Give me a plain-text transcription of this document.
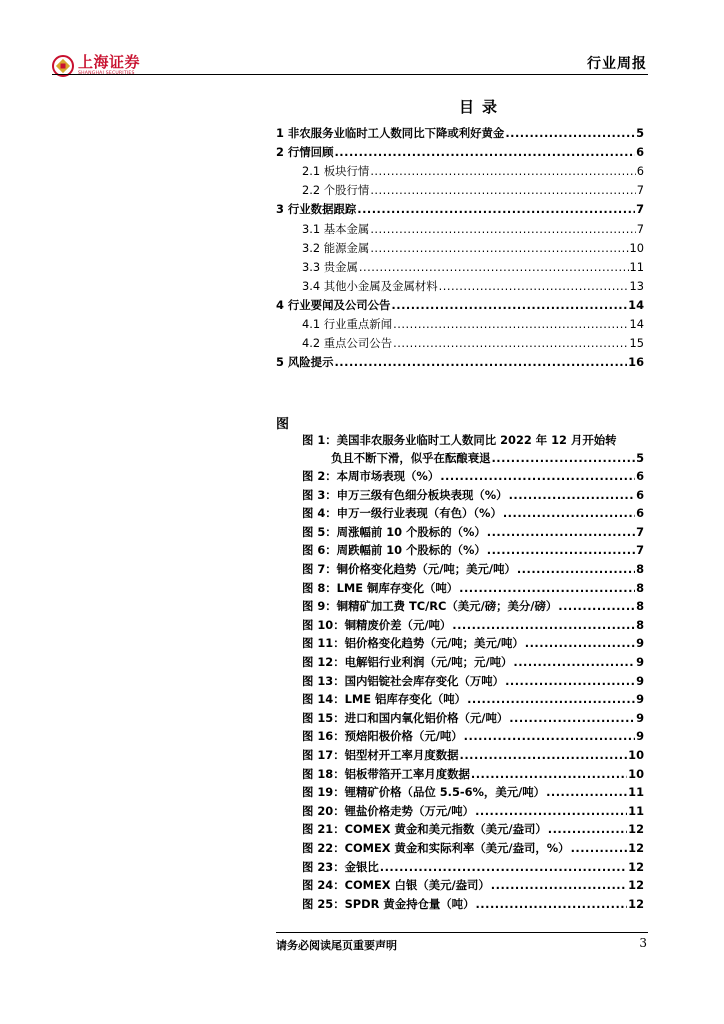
上海证券	行业周报
目录
1 非农服务业临时工人数同比下降或利好黄金 .....	5
2 行情回顾 .....	6
2.1 板块行情 .....	6
2.2 个股行情 .....	7
3 行业数据跟踪 .....	7
3.1 基本金属 .....	7
3.2 能源金属 .....	10
3.3 贵金属 .....	11
3.4 其他小金属及金属材料 .....	13
4 行业要闻及公司公告 .....	14
4.1 行业重点新闻 .....	14
4.2 重点公司公告 .....	15
5 风险提示 .....	16
图
图 1：美国非农服务业临时工人数同比 2022 年 12 月开始转
负且不断下滑，似乎在酝酿衰退 .....	5
图 2：本周市场表现（%） .....	6
图 3：申万三级有色细分板块表现（%） .....	6
图 4：申万一级行业表现（有色）（%） .....	6
图 5：周涨幅前 10 个股标的（%） .....	7
图 6：周跌幅前 10 个股标的（%） .....	7
图 7：铜价格变化趋势（元/吨；美元/吨） .....	8
图 8：LME 铜库存变化（吨） .....	8
图 9：铜精矿加工费 TC/RC（美元/磅；美分/磅） .....	8
图 10：铜精废价差（元/吨） .....	8
图 11：铝价格变化趋势（元/吨；美元/吨） .....	9
图 12：电解铝行业利润（元/吨；元/吨） .....	9
图 13：国内铝锭社会库存变化（万吨） .....	9
图 14：LME 铝库存变化（吨） .....	9
图 15：进口和国内氧化铝价格（元/吨） .....	9
图 16：预焙阳极价格（元/吨） .....	9
图 17：铝型材开工率月度数据 .....	10
图 18：铝板带箔开工率月度数据 .....	10
图 19：锂精矿价格（品位 5.5-6%，美元/吨） .....	11
图 20：锂盐价格走势（万元/吨） .....	11
图 21：COMEX 黄金和美元指数（美元/盎司） .....	12
图 22：COMEX 黄金和实际利率（美元/盎司，%） .....	12
图 23：金银比 .....	12
图 24：COMEX 白银（美元/盎司） .....	12
图 25：SPDR 黄金持仓量（吨） .....	12
请务必阅读尾页重要声明	3
